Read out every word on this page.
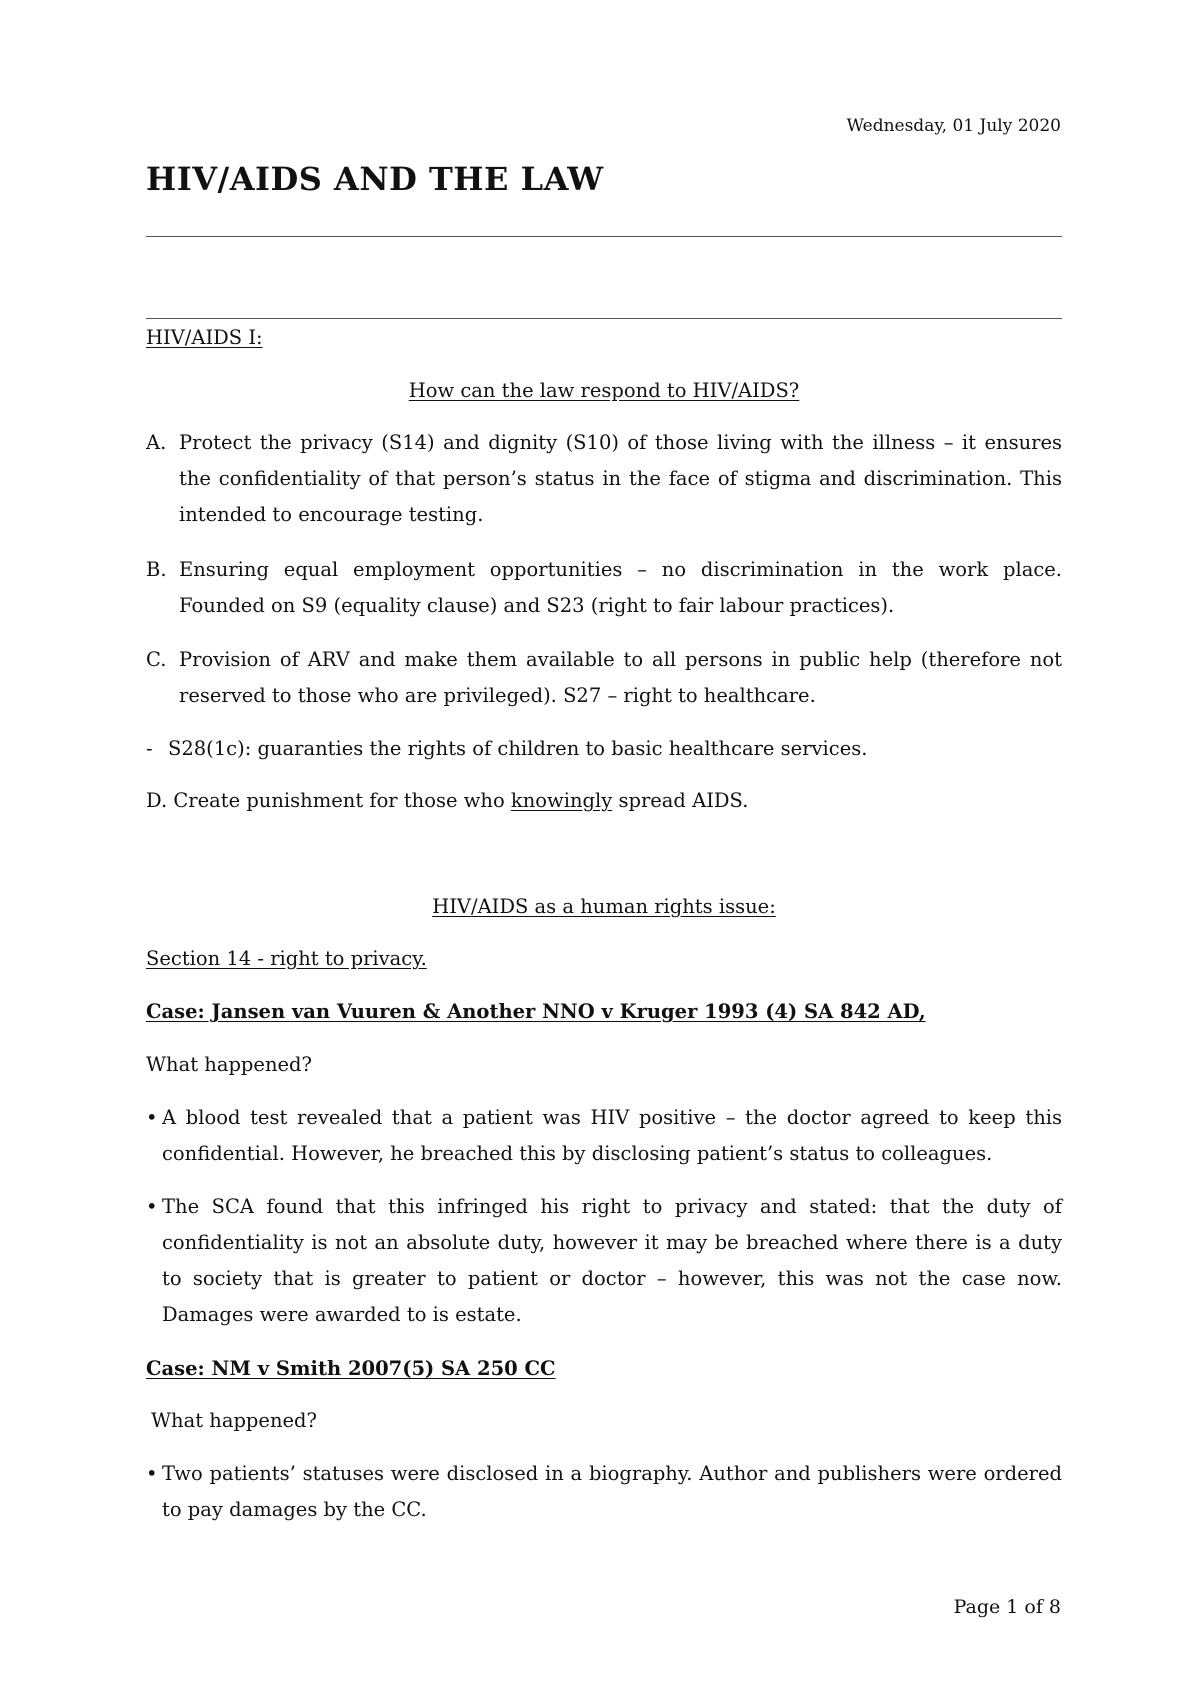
Wednesday, 01 July 2020
HIV/AIDS AND THE LAW
HIV/AIDS I:
How can the law respond to HIV/AIDS?
A. Protect the privacy (S14) and dignity (S10) of those living with the illness – it ensures the confidentiality of that person’s status in the face of stigma and discrimination. This intended to encourage testing.
B. Ensuring equal employment opportunities – no discrimination in the work place. Founded on S9 (equality clause) and S23 (right to fair labour practices).
C. Provision of ARV and make them available to all persons in public help (therefore not reserved to those who are privileged). S27 – right to healthcare.
- S28(1c): guaranties the rights of children to basic healthcare services.
D. Create punishment for those who knowingly spread AIDS.
HIV/AIDS as a human rights issue:
Section 14 - right to privacy.
Case: Jansen van Vuuren & Another NNO v Kruger 1993 (4) SA 842 AD,
What happened?
• A blood test revealed that a patient was HIV positive – the doctor agreed to keep this confidential. However, he breached this by disclosing patient’s status to colleagues.
• The SCA found that this infringed his right to privacy and stated: that the duty of confidentiality is not an absolute duty, however it may be breached where there is a duty to society that is greater to patient or doctor – however, this was not the case now. Damages were awarded to is estate.
Case: NM v Smith 2007(5) SA 250 CC
What happened?
• Two patients’ statuses were disclosed in a biography. Author and publishers were ordered to pay damages by the CC.
Page 1 of 8
